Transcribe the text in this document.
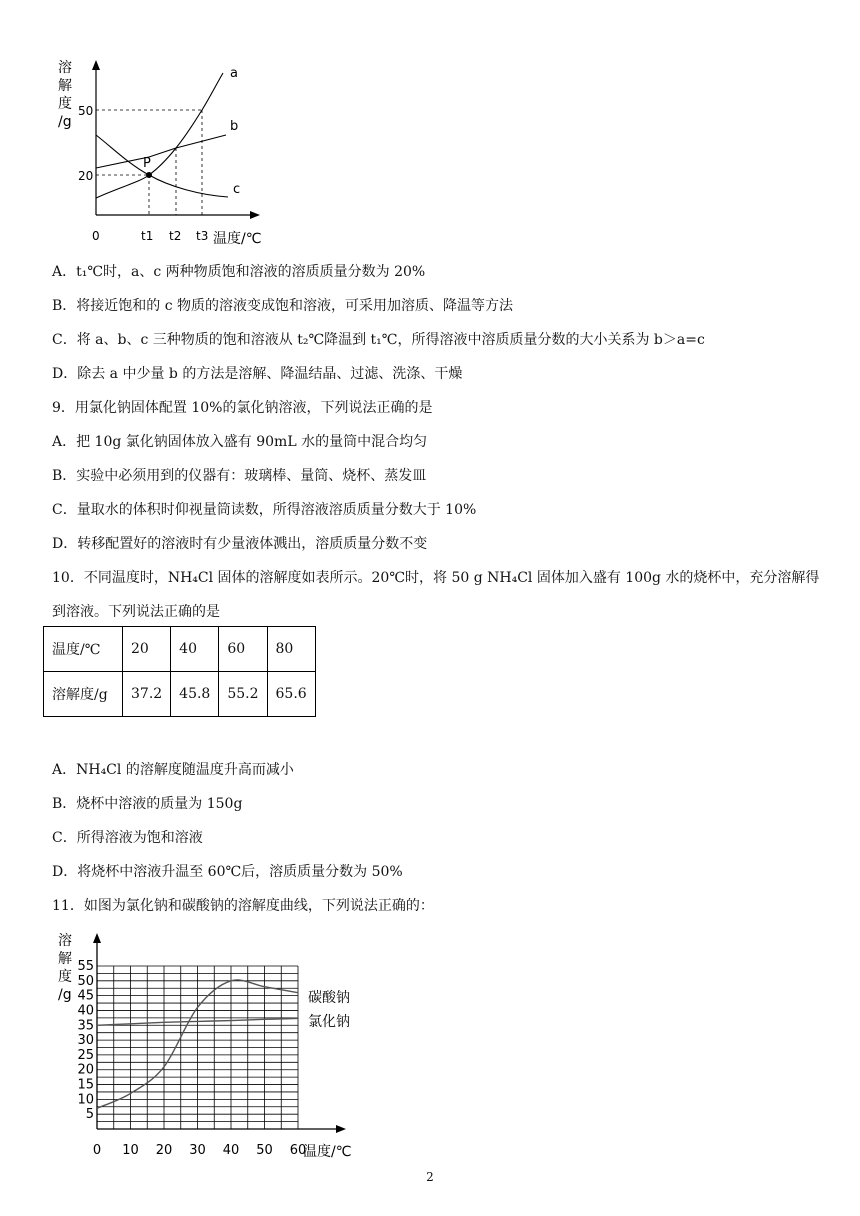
溶
解
度
/g
温度/℃
0
50
20
t1 t2 t3
P
a
b
c
A．t₁℃时，a、c 两种物质饱和溶液的溶质质量分数为 20%
B．将接近饱和的 c 物质的溶液变成饱和溶液，可采用加溶质、降温等方法
C．将 a、b、c 三种物质的饱和溶液从 t₂℃降温到 t₁℃，所得溶液中溶质质量分数的大小关系为 b＞a=c
D．除去 a 中少量 b 的方法是溶解、降温结晶、过滤、洗涤、干燥
9．用氯化钠固体配置 10%的氯化钠溶液，下列说法正确的是
A．把 10g 氯化钠固体放入盛有 90mL 水的量筒中混合均匀
B．实验中必须用到的仪器有：玻璃棒、量筒、烧杯、蒸发皿
C．量取水的体积时仰视量筒读数，所得溶液溶质质量分数大于 10%
D．转移配置好的溶液时有少量液体溅出，溶质质量分数不变
10．不同温度时，NH₄Cl 固体的溶解度如表所示。20℃时，将 50 g NH₄Cl 固体加入盛有 100g 水的烧杯中，充分溶解得到溶液。下列说法正确的是
温度/℃	20	40	60	80
溶解度/g	37.2	45.8	55.2	65.6
A．NH₄Cl 的溶解度随温度升高而减小
B．烧杯中溶液的质量为 150g
C．所得溶液为饱和溶液
D．将烧杯中溶液升温至 60℃后，溶质质量分数为 50%
11．如图为氯化钠和碳酸钠的溶解度曲线，下列说法正确的：
溶
解
度
/g
55
50
45
40
35
30
25
20
15
10
5
0 10 20 30 40 50 60
碳酸钠
氯化钠
温度/℃
2
